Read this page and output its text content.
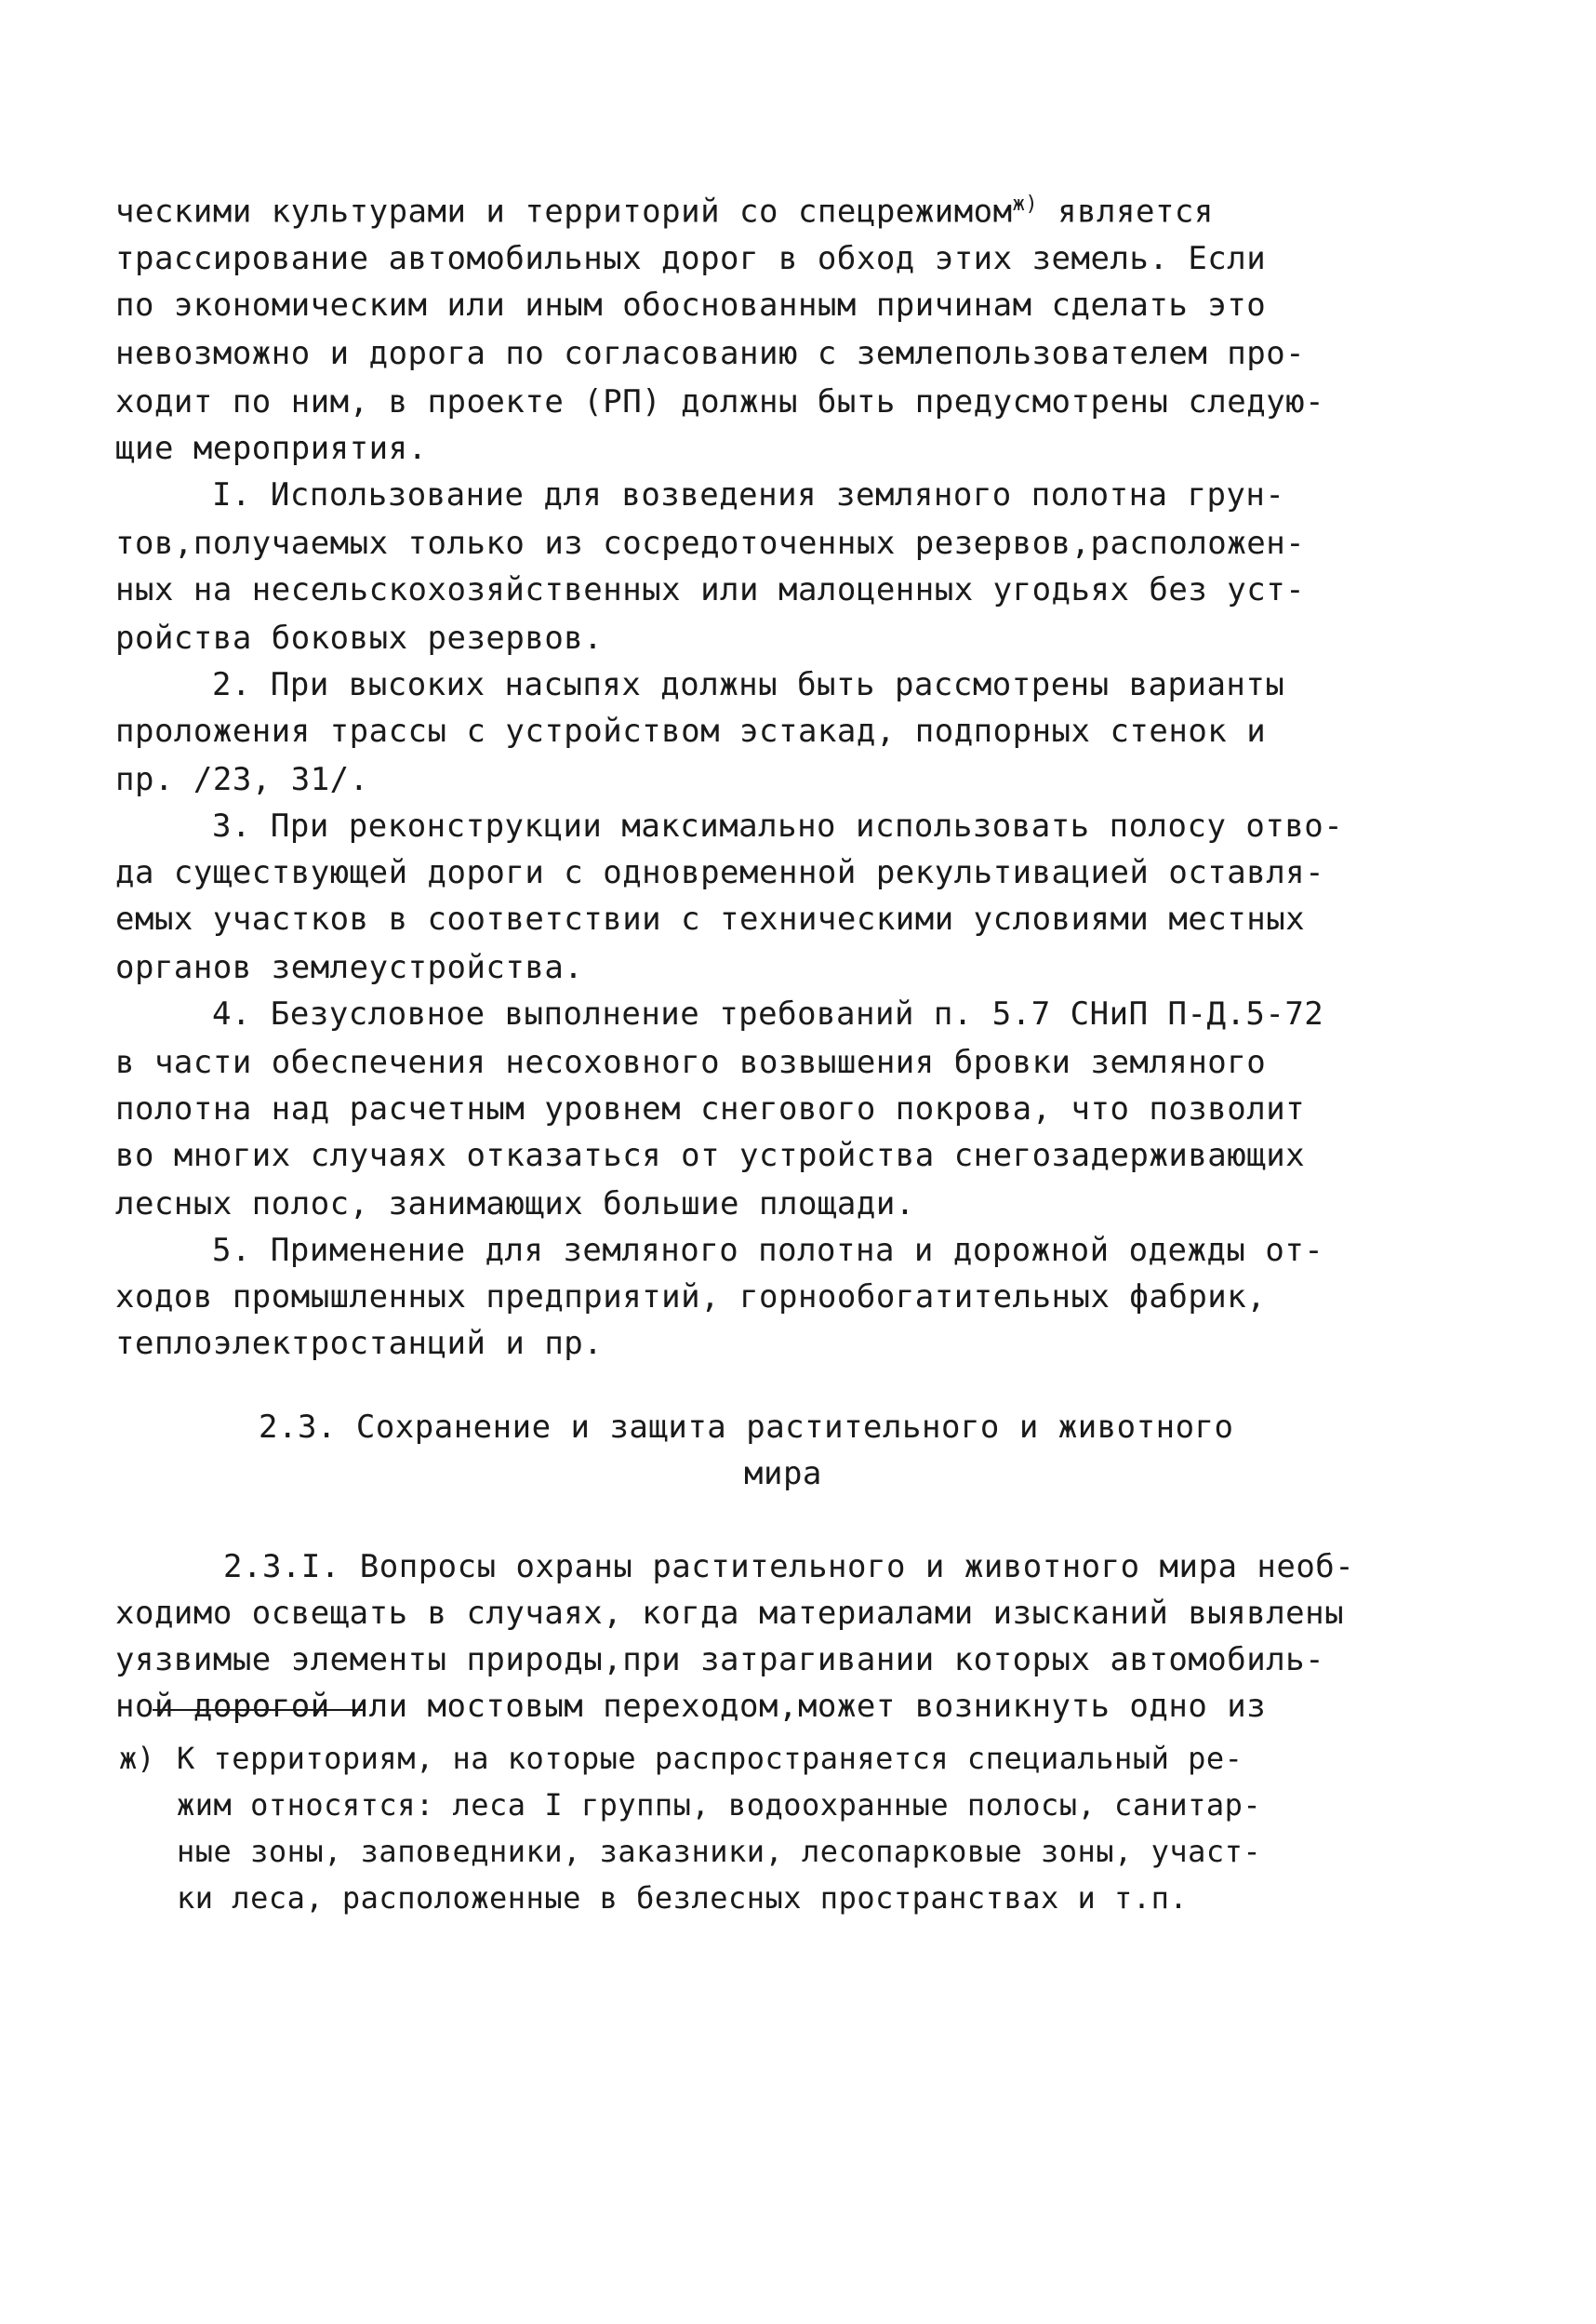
ческими культурами и территорий со спецрежимом$^{ж)}$ является
трассирование автомобильных дорог в обход этих земель. Если
по экономическим или иным обоснованным причинам сделать это
невозможно и дорога по согласованию с землепользователем про-
ходит по ним, в проекте (РП) должны быть предусмотрены следую-
щие мероприятия.
I. Использование для возведения земляного полотна грун-
тов,получаемых только из сосредоточенных резервов,расположен-
ных на несельскохозяйственных или малоценных угодьях без уст-
ройства боковых резервов.
2. При высоких насыпях должны быть рассмотрены варианты
проложения трассы с устройством эстакад, подпорных стенок и
пр. /23, 31/.
3. При реконструкции максимально использовать полосу отво-
да существующей дороги с одновременной рекультивацией оставля-
емых участков в соответствии с техническими условиями местных
органов землеустройства.
4. Безусловное выполнение требований п. 5.7 СНиП П-Д.5-72
в части обеспечения несоховного возвышения бровки земляного
полотна над расчетным уровнем снегового покрова, что позволит
во многих случаях отказаться от устройства снегозадерживающих
лесных полос, занимающих большие площади.
5. Применение для земляного полотна и дорожной одежды от-
ходов промышленных предприятий, горнообогатительных фабрик,
теплоэлектростанций и пр.
2.3. Сохранение и защита растительного и животного
мира
2.3.I. Вопросы охраны растительного и животного мира необ-
ходимо освещать в случаях, когда материалами изысканий выявлены
уязвимые элементы природы,при затрагивании которых автомобиль-
ной дорогой или мостовым переходом,может возникнуть одно из
ж) К территориям, на которые распространяется специальный ре-
жим относятся: леса I группы, водоохранные полосы, санитар-
ные зоны, заповедники, заказники, лесопарковые зоны, участ-
ки леса, расположенные в безлесных пространствах и т.п.
